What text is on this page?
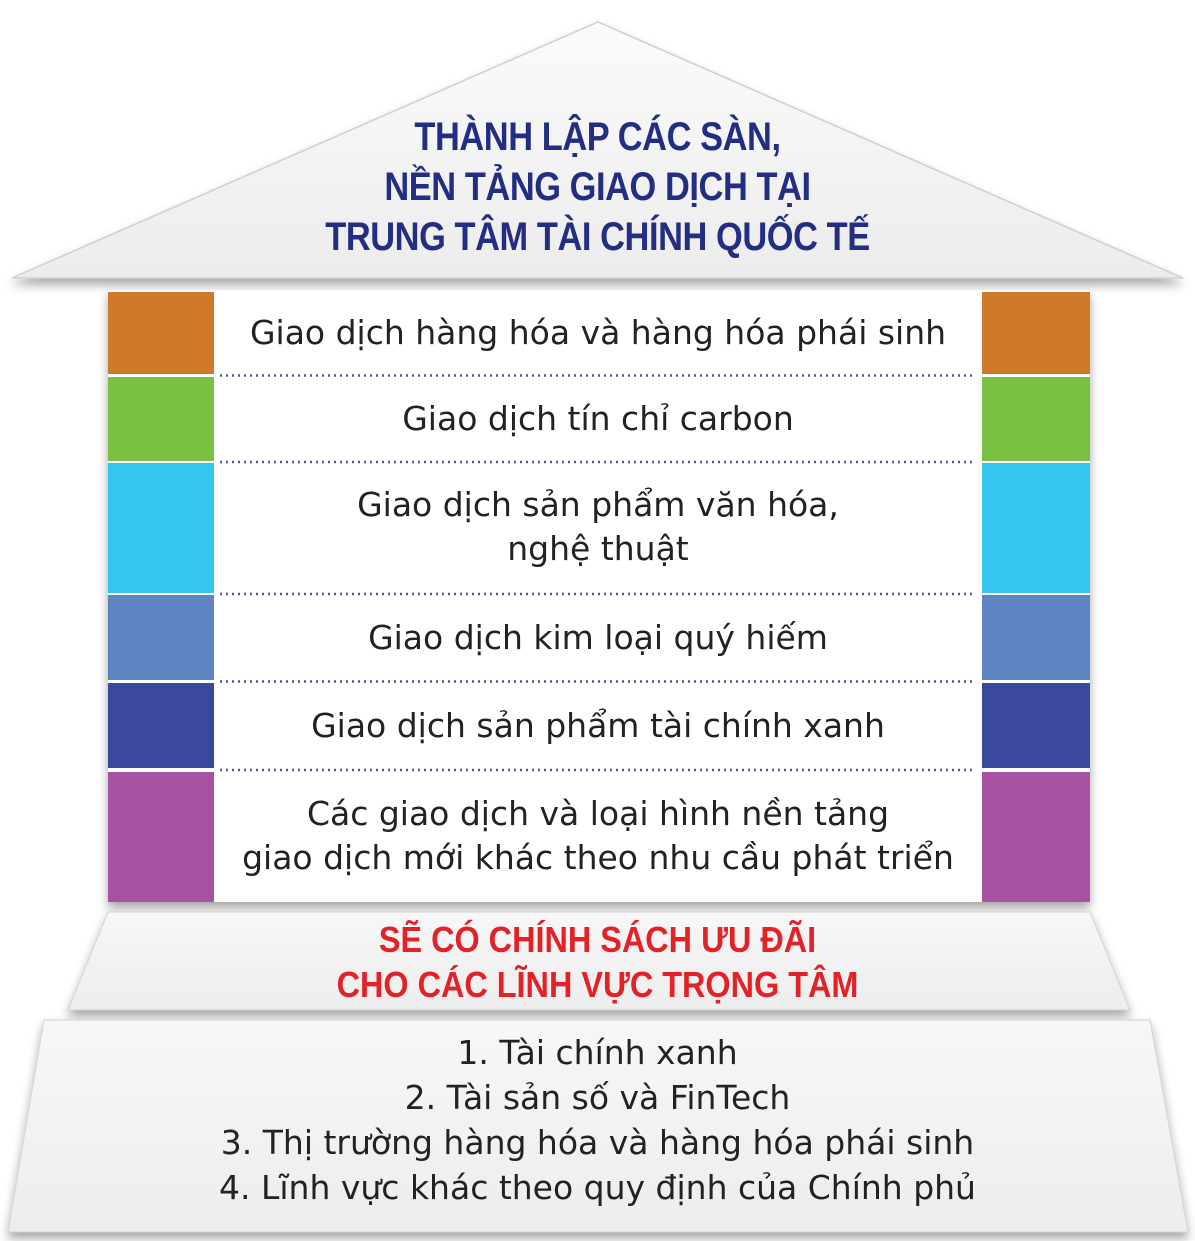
THÀNH LẬP CÁC SÀN,
NỀN TẢNG GIAO DỊCH TẠI
TRUNG TÂM TÀI CHÍNH QUỐC TẾ
Giao dịch hàng hóa và hàng hóa phái sinh
Giao dịch tín chỉ carbon
Giao dịch sản phẩm văn hóa,
nghệ thuật
Giao dịch kim loại quý hiếm
Giao dịch sản phẩm tài chính xanh
Các giao dịch và loại hình nền tảng
giao dịch mới khác theo nhu cầu phát triển
SẼ CÓ CHÍNH SÁCH ƯU ĐÃI
CHO CÁC LĨNH VỰC TRỌNG TÂM
1. Tài chính xanh
2. Tài sản số và FinTech
3. Thị trường hàng hóa và hàng hóa phái sinh
4. Lĩnh vực khác theo quy định của Chính phủ
